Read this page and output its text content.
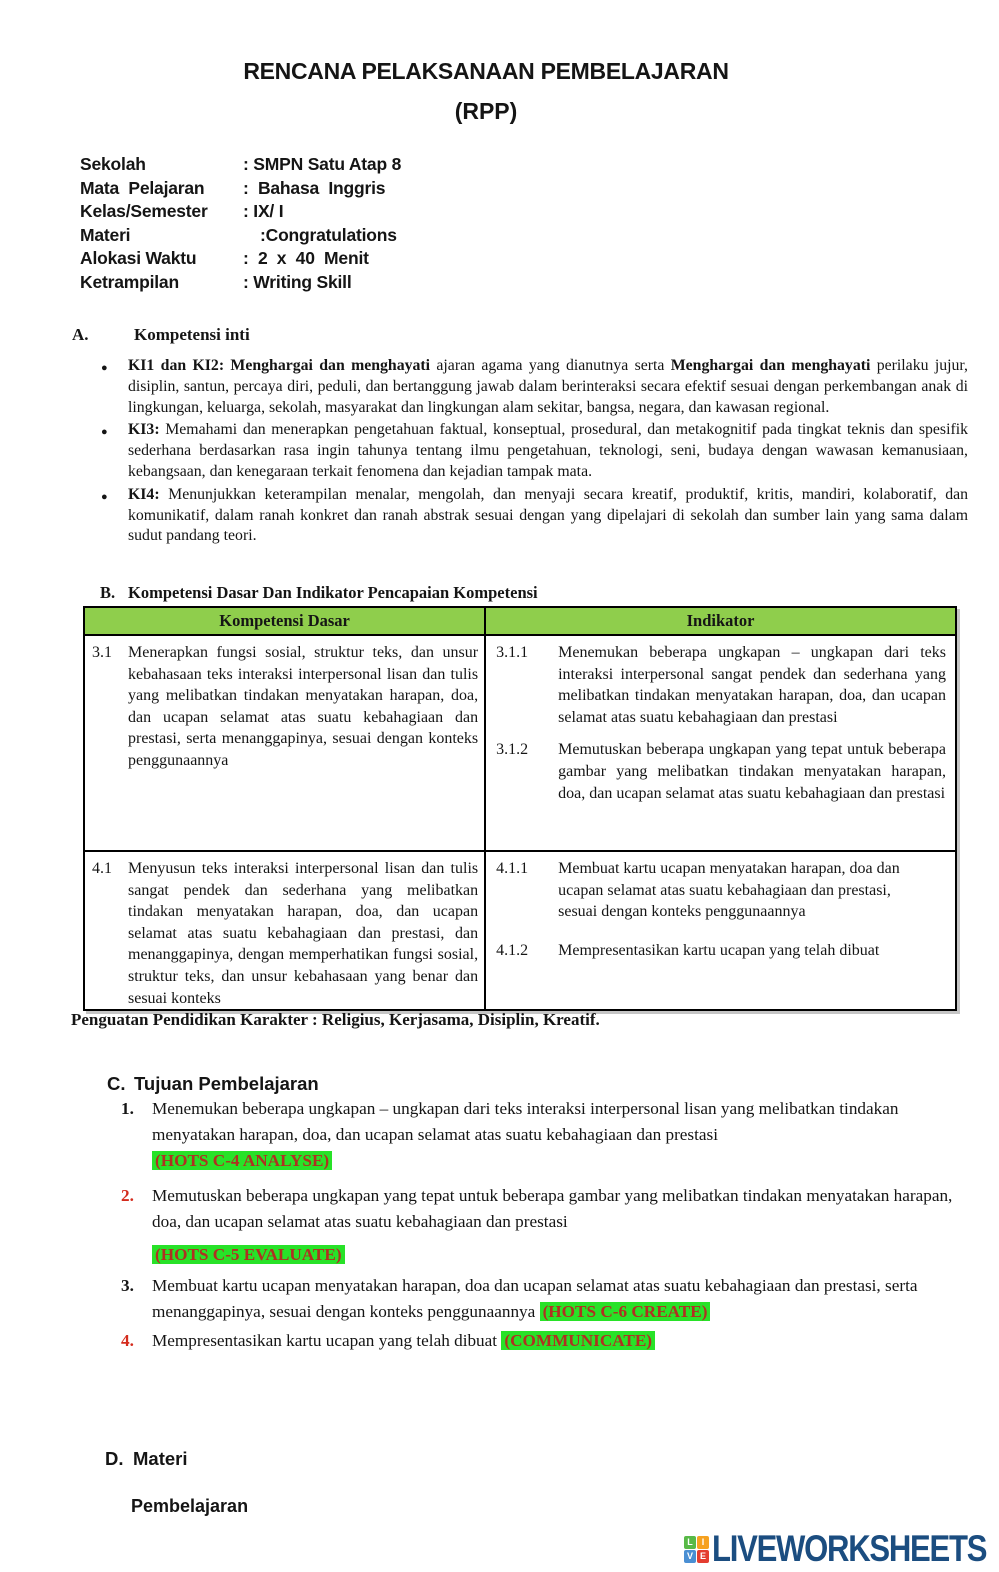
RENCANA PELAKSANAAN PEMBELAJARAN
(RPP)
Sekolah	: SMPN Satu Atap 8
Mata  Pelajaran	:  Bahasa  Inggris
Kelas/Semester	: IX/ I
Materi	:Congratulations
Alokasi Waktu	:  2  x  40  Menit
Ketrampilan	: Writing Skill
A.	Kompetensi inti
● KI1 dan KI2: Menghargai dan menghayati ajaran agama yang dianutnya serta Menghargai dan menghayati perilaku jujur, disiplin, santun, percaya diri, peduli, dan bertanggung jawab dalam berinteraksi secara efektif sesuai dengan perkembangan anak di lingkungan, keluarga, sekolah, masyarakat dan lingkungan alam sekitar, bangsa, negara, dan kawasan regional.
● KI3: Memahami dan menerapkan pengetahuan faktual, konseptual, prosedural, dan metakognitif pada tingkat teknis dan spesifik sederhana berdasarkan rasa ingin tahunya tentang ilmu pengetahuan, teknologi, seni, budaya dengan wawasan kemanusiaan, kebangsaan, dan kenegaraan terkait fenomena dan kejadian tampak mata.
● KI4: Menunjukkan keterampilan menalar, mengolah, dan menyaji secara kreatif, produktif, kritis, mandiri, kolaboratif, dan komunikatif, dalam ranah konkret dan ranah abstrak sesuai dengan yang dipelajari di sekolah dan sumber lain yang sama dalam sudut pandang teori.
B. Kompetensi Dasar Dan Indikator Pencapaian Kompetensi
Kompetensi Dasar	Indikator

3.1	Menerapkan fungsi sosial, struktur teks, dan unsur kebahasaan teks interaksi interpersonal lisan dan tulis yang melibatkan tindakan menyatakan harapan, doa, dan ucapan selamat atas suatu kebahagiaan dan prestasi, serta menanggapinya, sesuai dengan konteks penggunaannya

3.1.1	Menemukan beberapa ungkapan – ungkapan dari teks interaksi interpersonal sangat pendek dan sederhana yang melibatkan tindakan menyatakan harapan, doa, dan ucapan selamat atas suatu kebahagiaan dan prestasi
3.1.2	Memutuskan beberapa ungkapan yang tepat untuk beberapa gambar yang melibatkan tindakan menyatakan harapan, doa, dan ucapan selamat atas suatu kebahagiaan dan prestasi

4.1	Menyusun teks interaksi interpersonal lisan dan tulis sangat pendek dan sederhana yang melibatkan tindakan menyatakan harapan, doa, dan ucapan selamat atas suatu kebahagiaan dan prestasi, dan menanggapinya, dengan memperhatikan fungsi sosial, struktur teks, dan unsur kebahasaan yang benar dan sesuai konteks

4.1.1	Membuat kartu ucapan menyatakan harapan, doa dan ucapan selamat atas suatu kebahagiaan dan prestasi, sesuai dengan konteks penggunaannya
4.1.2	Mempresentasikan kartu ucapan yang telah dibuat
Penguatan Pendidikan Karakter : Religius, Kerjasama, Disiplin, Kreatif.
C. Tujuan Pembelajaran
1.	Menemukan beberapa ungkapan – ungkapan dari teks interaksi interpersonal lisan yang melibatkan tindakan menyatakan harapan, doa, dan ucapan selamat atas suatu kebahagiaan dan prestasi
(HOTS C-4 ANALYSE)
2.	Memutuskan beberapa ungkapan yang tepat untuk beberapa gambar yang melibatkan tindakan menyatakan harapan, doa, dan ucapan selamat atas suatu kebahagiaan dan prestasi
(HOTS C-5 EVALUATE)
3.	Membuat kartu ucapan menyatakan harapan, doa dan ucapan selamat atas suatu kebahagiaan dan prestasi, serta menanggapinya, sesuai dengan konteks penggunaannya (HOTS C-6 CREATE)
4.	Mempresentasikan kartu ucapan yang telah dibuat (COMMUNICATE)
D. Materi
Pembelajaran
L I
V E LIVEWORKSHEETS
